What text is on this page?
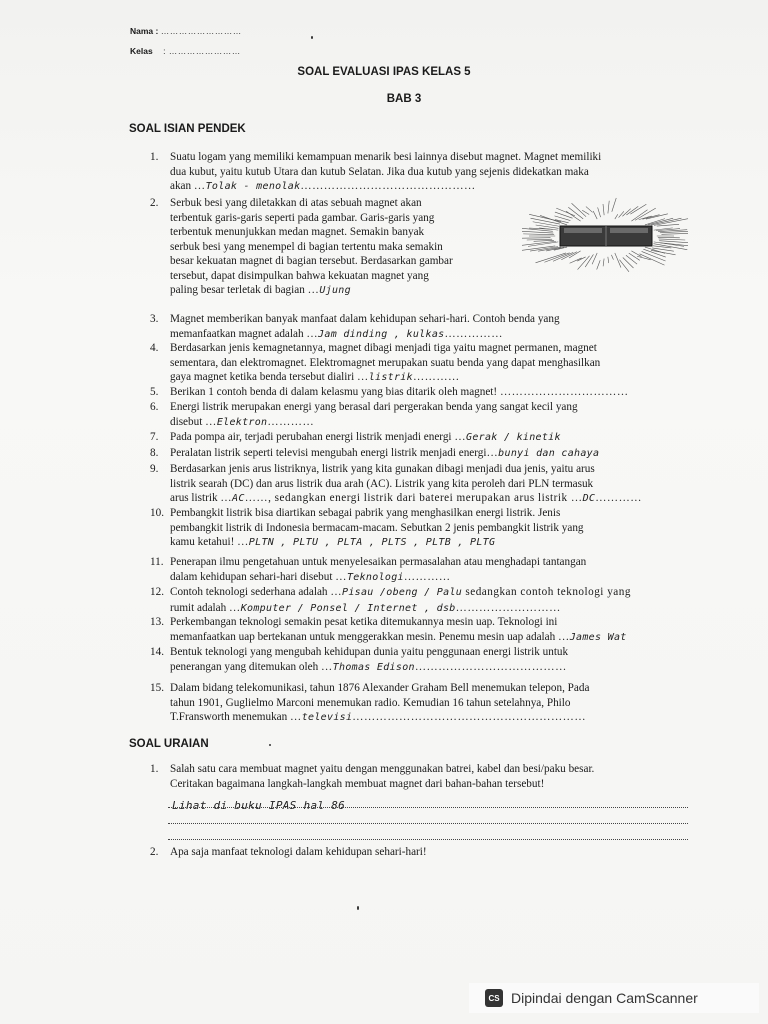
Nama : ………………………
Kelas : ……………………
SOAL EVALUASI IPAS KELAS 5
BAB 3
SOAL ISIAN PENDEK
1.	Suatu logam yang memiliki kemampuan menarik besi lainnya disebut magnet. Magnet memiliki
dua kubut, yaitu kutub Utara dan kutub Selatan. Jika dua kutub yang sejenis didekatkan maka
akan …Tolak - menolak………………………………………
2.	Serbuk besi yang diletakkan di atas sebuah magnet akan
terbentuk garis-garis seperti pada gambar. Garis-garis yang
terbentuk menunjukkan medan magnet. Semakin banyak
serbuk besi yang menempel di bagian tertentu maka semakin
besar kekuatan magnet di bagian tersebut. Berdasarkan gambar
tersebut, dapat disimpulkan bahwa kekuatan magnet yang
paling besar terletak di bagian …Ujung
3.	Magnet memberikan banyak manfaat dalam kehidupan sehari-hari. Contoh benda yang
memanfaatkan magnet adalah …Jam dinding , kulkas……………
4.	Berdasarkan jenis kemagnetannya, magnet dibagi menjadi tiga yaitu magnet permanen, magnet
sementara, dan elektromagnet. Elektromagnet merupakan suatu benda yang dapat menghasilkan
gaya magnet ketika benda tersebut dialiri …listrik…………
5.	Berikan 1 contoh benda di dalam kelasmu yang bias ditarik oleh magnet! ……………………………
6.	Energi listrik merupakan energi yang berasal dari pergerakan benda yang sangat kecil yang
disebut …Elektron…………
7.	Pada pompa air, terjadi perubahan energi listrik menjadi energi …Gerak / kinetik
8.	Peralatan listrik seperti televisi mengubah energi listrik menjadi energi…bunyi dan cahaya
9.	Berdasarkan jenis arus listriknya, listrik yang kita gunakan dibagi menjadi dua jenis, yaitu arus
listrik searah (DC) dan arus listrik dua arah (AC). Listrik yang kita peroleh dari PLN termasuk
arus listrik …AC……, sedangkan energi listrik dari baterei merupakan arus listrik …DC…………
10. Pembangkit listrik bisa diartikan sebagai pabrik yang menghasilkan energi listrik. Jenis
pembangkit listrik di Indonesia bermacam-macam. Sebutkan 2 jenis pembangkit listrik yang
kamu ketahui! …PLTN , PLTU , PLTA , PLTS , PLTB , PLTG
11. Penerapan ilmu pengetahuan untuk menyelesaikan permasalahan atau menghadapi tantangan
dalam kehidupan sehari-hari disebut …Teknologi…………
12. Contoh teknologi sederhana adalah …Pisau /obeng / Palu sedangkan contoh teknologi yang
rumit adalah …Komputer / Ponsel / Internet , dsb………………………
13. Perkembangan teknologi semakin pesat ketika ditemukannya mesin uap. Teknologi ini
memanfaatkan uap bertekanan untuk menggerakkan mesin. Penemu mesin uap adalah …James Wat
14. Bentuk teknologi yang mengubah kehidupan dunia yaitu penggunaan energi listrik untuk
penerangan yang ditemukan oleh …Thomas Edison…………………………………
15. Dalam bidang telekomunikasi, tahun 1876 Alexander Graham Bell menemukan telepon, Pada
tahun 1901, Guglielmo Marconi menemukan radio. Kemudian 16 tahun setelahnya, Philo
T.Fransworth menemukan …televisi……………………………………………………
SOAL URAIAN
1.	Salah satu cara membuat magnet yaitu dengan menggunakan batrei, kabel dan besi/paku besar.
Ceritakan bagaimana langkah-langkah membuat magnet dari bahan-bahan tersebut!
Lihat di buku IPAS hal 86
2.	Apa saja manfaat teknologi dalam kehidupan sehari-hari!
CS Dipindai dengan CamScanner
